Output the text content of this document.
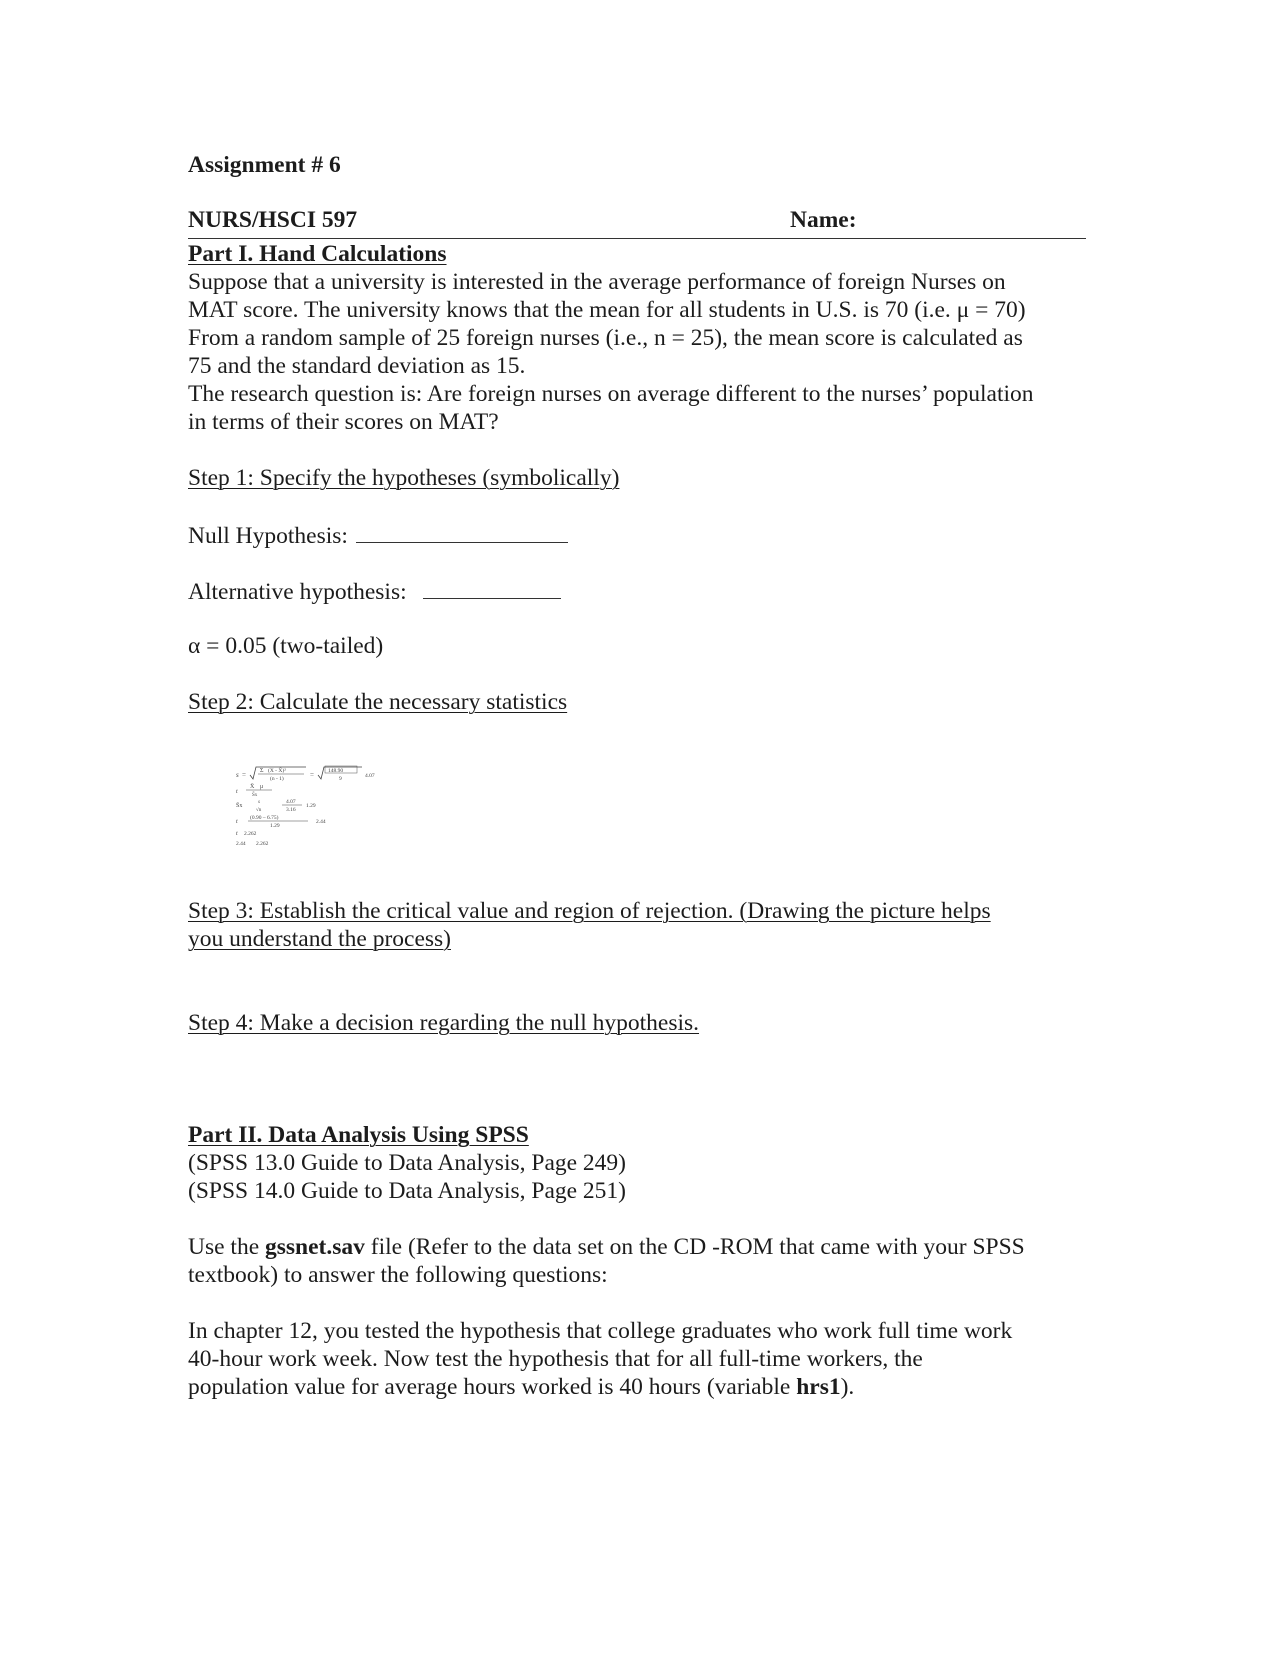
Assignment # 6
NURS/HSCI 597	Name:
Part I. Hand Calculations
Suppose that a university is interested in the average performance of foreign Nurses on
MAT score. The university knows that the mean for all students in U.S. is 70 (i.e. μ = 70)
From a random sample of 25 foreign nurses (i.e., n = 25), the mean score is calculated as
75 and the standard deviation as 15.
The research question is: Are foreign nurses on average different to the nurses’ population
in terms of their scores on MAT?
Step 1: Specify the hypotheses (symbolically)
Null Hypothesis:
Alternative hypothesis:
α = 0.05 (two-tailed)
Step 2: Calculate the necessary statistics
s = Σ (X - X̄)²
(n - 1)	=	148.90
9	4.07
t
X̄ μ
S̄x
S̄x
s
√n
4.07
3.16
1.29
t
(0.90 – 6.75)
1.29
2.44
t 2.262
2.44 2.262
Step 3: Establish the critical value and region of rejection. (Drawing the picture helps
you understand the process)
Step 4: Make a decision regarding the null hypothesis.
Part II. Data Analysis Using SPSS
(SPSS 13.0 Guide to Data Analysis, Page 249)
(SPSS 14.0 Guide to Data Analysis, Page 251)
Use the gssnet.sav file (Refer to the data set on the CD -ROM that came with your SPSS
textbook) to answer the following questions:
In chapter 12, you tested the hypothesis that college graduates who work full time work
40-hour work week. Now test the hypothesis that for all full-time workers, the
population value for average hours worked is 40 hours (variable hrs1).
